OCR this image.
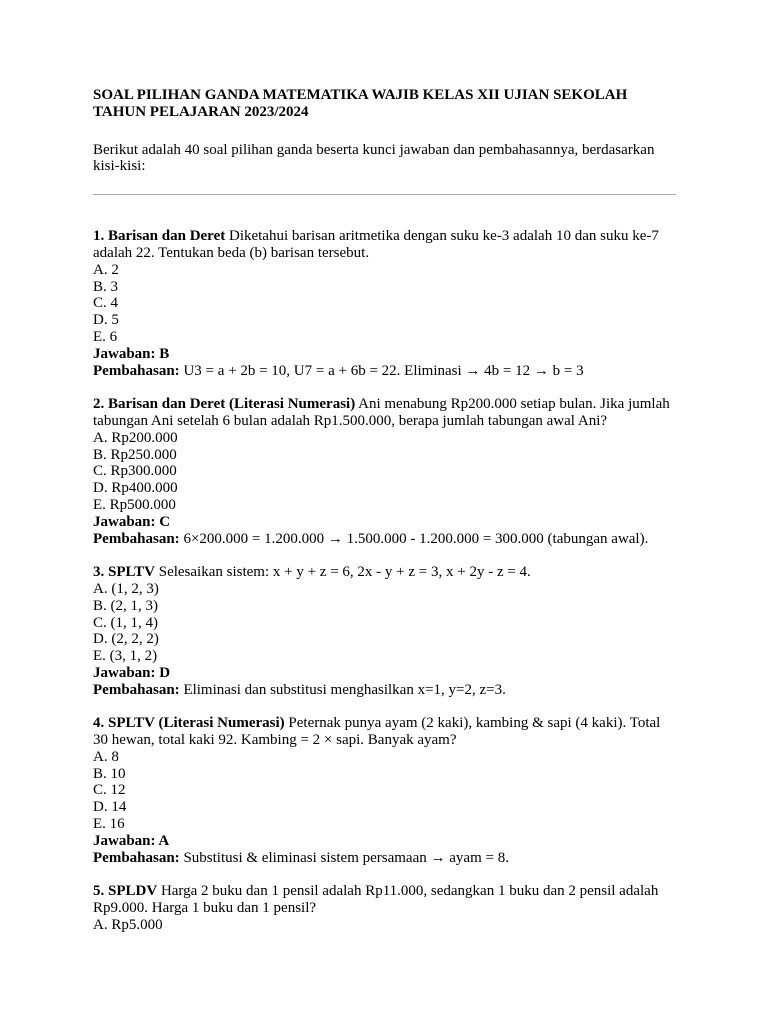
SOAL PILIHAN GANDA MATEMATIKA WAJIB KELAS XII UJIAN SEKOLAH TAHUN PELAJARAN 2023/2024

Berikut adalah 40 soal pilihan ganda beserta kunci jawaban dan pembahasannya, berdasarkan kisi-kisi:

1. Barisan dan Deret Diketahui barisan aritmetika dengan suku ke-3 adalah 10 dan suku ke-7 adalah 22. Tentukan beda (b) barisan tersebut.

A. 2

B. 3

C. 4

D. 5

E. 6

Jawaban: B

Pembahasan: U3 = a + 2b = 10, U7 = a + 6b = 22. Eliminasi → 4b = 12 → b = 3

2. Barisan dan Deret (Literasi Numerasi) Ani menabung Rp200.000 setiap bulan. Jika jumlah tabungan Ani setelah 6 bulan adalah Rp1.500.000, berapa jumlah tabungan awal Ani?

A. Rp200.000

B. Rp250.000

C. Rp300.000

D. Rp400.000

E. Rp500.000

Jawaban: C

Pembahasan: 6×200.000 = 1.200.000 → 1.500.000 - 1.200.000 = 300.000 (tabungan awal).

3. SPLTV Selesaikan sistem: x + y + z = 6, 2x - y + z = 3, x + 2y - z = 4.

A. (1, 2, 3)

B. (2, 1, 3)

C. (1, 1, 4)

D. (2, 2, 2)

E. (3, 1, 2)

Jawaban: D

Pembahasan: Eliminasi dan substitusi menghasilkan x=1, y=2, z=3.

4. SPLTV (Literasi Numerasi) Peternak punya ayam (2 kaki), kambing & sapi (4 kaki). Total 30 hewan, total kaki 92. Kambing = 2 × sapi. Banyak ayam?

A. 8

B. 10

C. 12

D. 14

E. 16

Jawaban: A

Pembahasan: Substitusi & eliminasi sistem persamaan → ayam = 8.

5. SPLDV Harga 2 buku dan 1 pensil adalah Rp11.000, sedangkan 1 buku dan 2 pensil adalah Rp9.000. Harga 1 buku dan 1 pensil?

A. Rp5.000
